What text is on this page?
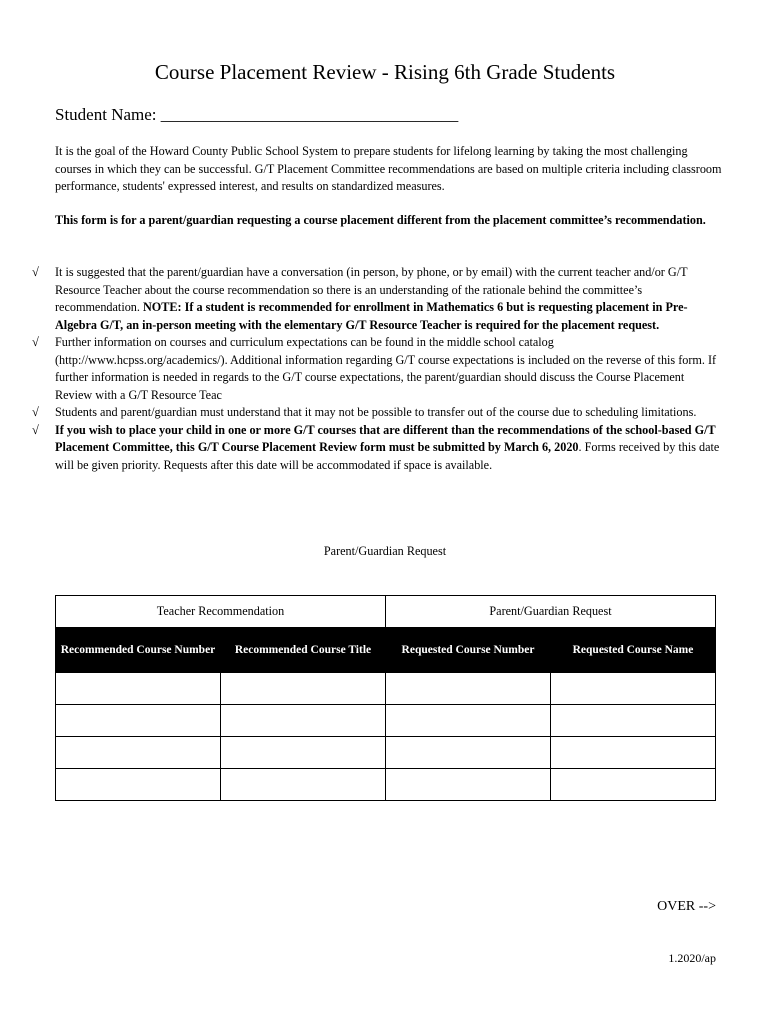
Course Placement Review - Rising 6th Grade Students
Student Name: ___________________________________

It is the goal of the Howard County Public School System to prepare students for lifelong learning by taking the most challenging courses in which they can be successful. G/T Placement Committee recommendations are based on multiple criteria including classroom performance, students' expressed interest, and results on standardized measures.

This form is for a parent/guardian requesting a course placement different from the placement committee’s recommendation.

√ It is suggested that the parent/guardian have a conversation (in person, by phone, or by email) with the current teacher and/or G/T Resource Teacher about the course recommendation so there is an understanding of the rationale behind the committee’s recommendation. NOTE: If a student is recommended for enrollment in Mathematics 6 but is requesting placement in Pre-Algebra G/T, an in-person meeting with the elementary G/T Resource Teacher is required for the placement request.
√ Further information on courses and curriculum expectations can be found in the middle school catalog (http://www.hcpss.org/academics/). Additional information regarding G/T course expectations is included on the reverse of this form. If further information is needed in regards to the G/T course expectations, the parent/guardian should discuss the Course Placement Review with a G/T Resource Teac
√ Students and parent/guardian must understand that it may not be possible to transfer out of the course due to scheduling limitations.
√ If you wish to place your child in one or more G/T courses that are different than the recommendations of the school-based G/T Placement Committee, this G/T Course Placement Review form must be submitted by March 6, 2020. Forms received by this date will be given priority. Requests after this date will be accommodated if space is available.
Parent/Guardian Request
Teacher Recommendation		Parent/Guardian Request	
Recommended Course Number	Recommended Course Title	Requested Course Number	Requested Course Name

OVER -->
1.2020/ap
